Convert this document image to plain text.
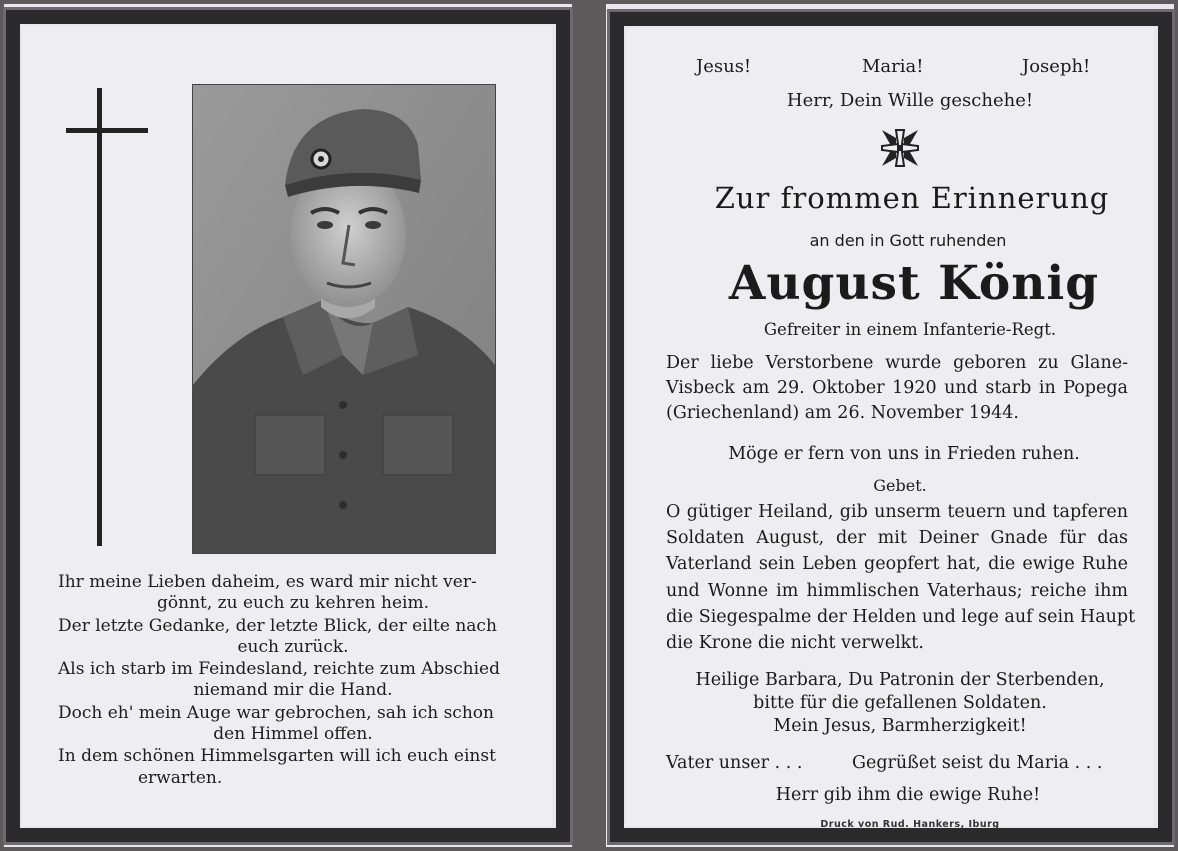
Ihr meine Lieben daheim, es ward mir nicht ver-
gönnt, zu euch zu kehren heim.
Der letzte Gedanke, der letzte Blick, der eilte nach
euch zurück.
Als ich starb im Feindesland, reichte zum Abschied
niemand mir die Hand.
Doch eh' mein Auge war gebrochen, sah ich schon
den Himmel offen.
In dem schönen Himmelsgarten will ich euch einst
erwarten.
Jesus!	Maria!	Joseph!
Herr, Dein Wille geschehe!
Zur frommen Erinnerung
an den in Gott ruhenden
August König
Gefreiter in einem Infanterie-Regt.
Der liebe Verstorbene wurde geboren zu Glane-
Visbeck am 29. Oktober 1920 und starb in Popega
(Griechenland) am 26. November 1944.
Möge er fern von uns in Frieden ruhen.
Gebet.
O gütiger Heiland, gib unserm teuern und tapferen
Soldaten August, der mit Deiner Gnade für das
Vaterland sein Leben geopfert hat, die ewige Ruhe
und Wonne im himmlischen Vaterhaus; reiche ihm
die Siegespalme der Helden und lege auf sein Haupt
die Krone die nicht verwelkt.
Heilige Barbara, Du Patronin der Sterbenden,
bitte für die gefallenen Soldaten.
Mein Jesus, Barmherzigkeit!
Vater unser . . .	Gegrüßet seist du Maria . . .
Herr gib ihm die ewige Ruhe!
Druck von Rud. Hankers, Iburg
